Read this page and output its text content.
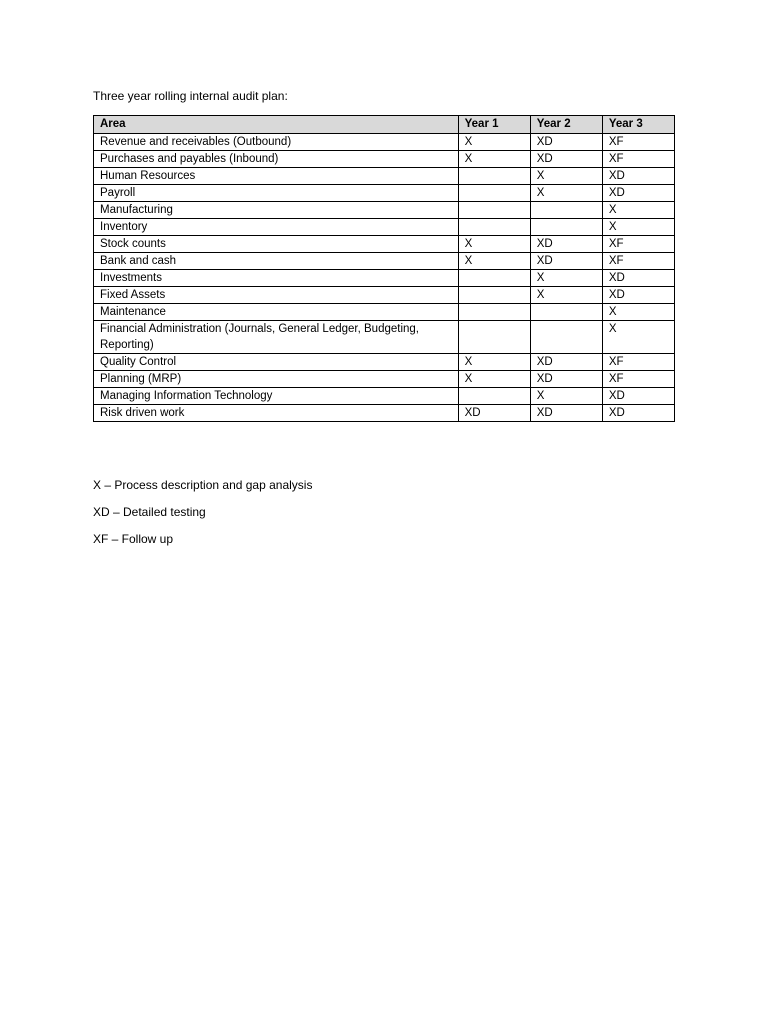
Three year rolling internal audit plan:
Area	Year 1	Year 2	Year 3
Revenue and receivables (Outbound)	X	XD	XF
Purchases and payables (Inbound)	X	XD	XF
Human Resources		X	XD
Payroll		X	XD
Manufacturing			X
Inventory			X
Stock counts	X	XD	XF
Bank and cash	X	XD	XF
Investments		X	XD
Fixed Assets		X	XD
Maintenance			X
Financial Administration (Journals, General Ledger, Budgeting, Reporting)			X
Quality Control	X	XD	XF
Planning (MRP)	X	XD	XF
Managing Information Technology		X	XD
Risk driven work	XD	XD	XD
X – Process description and gap analysis
XD – Detailed testing
XF – Follow up
